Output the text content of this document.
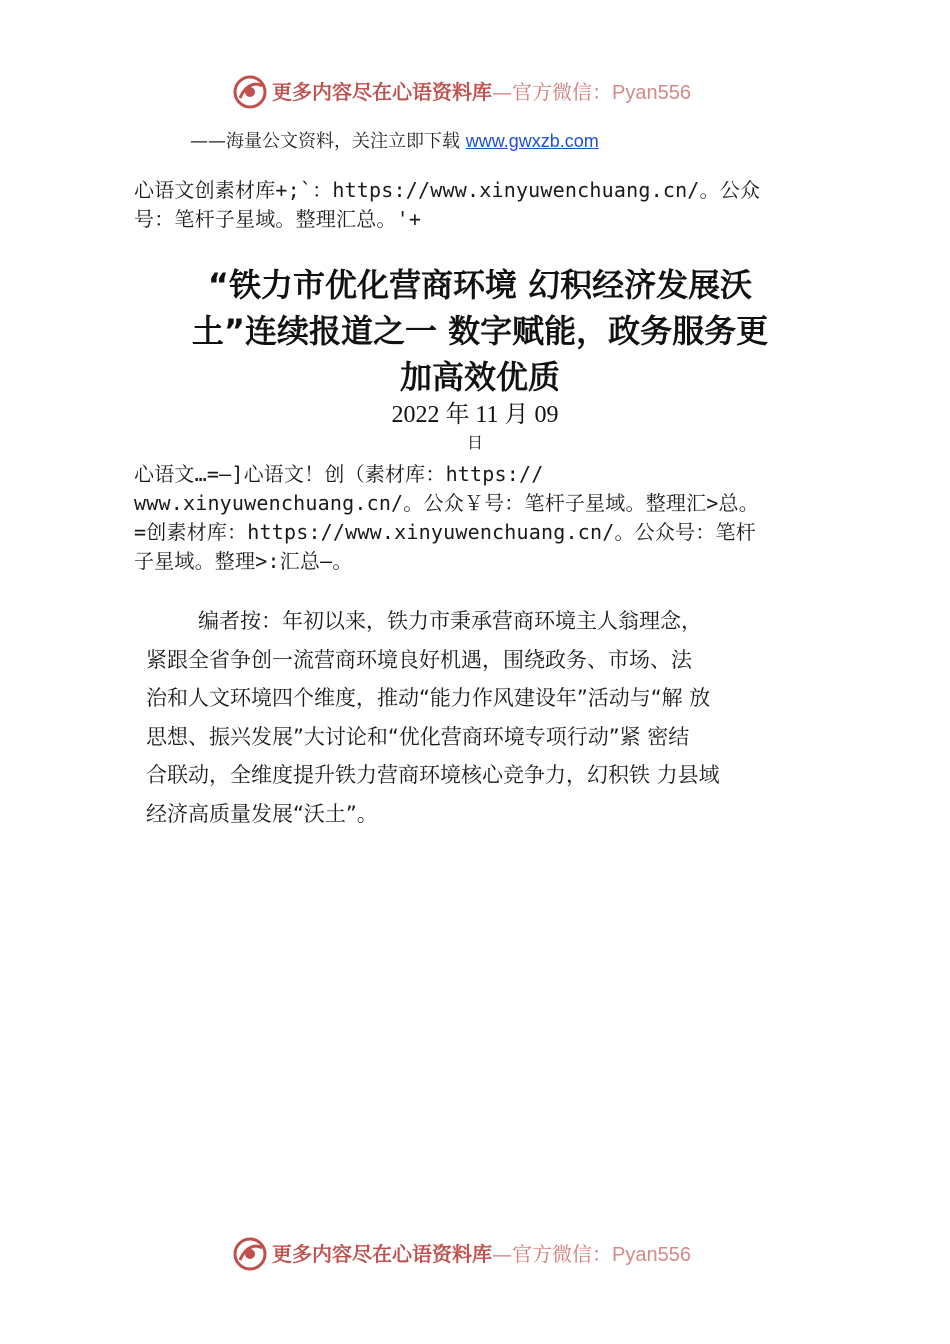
更多内容尽在心语资料库—官方微信：Pyan556
——海量公文资料，关注立即下载 www.gwxzb.com
心语文创素材库+;`：https://www.xinyuwenchuang.cn/。公众
号：笔杆子星域。整理汇总。'+
“铁力市优化营商环境 幻积经济发展沃
土”连续报道之一 数字赋能，政务服务更
加高效优质
2022 年 11 月 09
日
心语文…=—]心语文！创（素材库：https://
www.xinyuwenchuang.cn/。公众￥号：笔杆子星域。整理汇>总。
=创素材库：https://www.xinyuwenchuang.cn/。公众号：笔杆
子星域。整理>:汇总—。
编者按：年初以来，铁力市秉承营商环境主人翁理念，
紧跟全省争创一流营商环境良好机遇，围绕政务、市场、法
治和人文环境四个维度，推动“能力作风建设年”活动与“解 放
思想、振兴发展”大讨论和“优化营商环境专项行动”紧 密结
合联动，全维度提升铁力营商环境核心竞争力，幻积铁 力县域
经济高质量发展“沃土”。
更多内容尽在心语资料库—官方微信：Pyan556
